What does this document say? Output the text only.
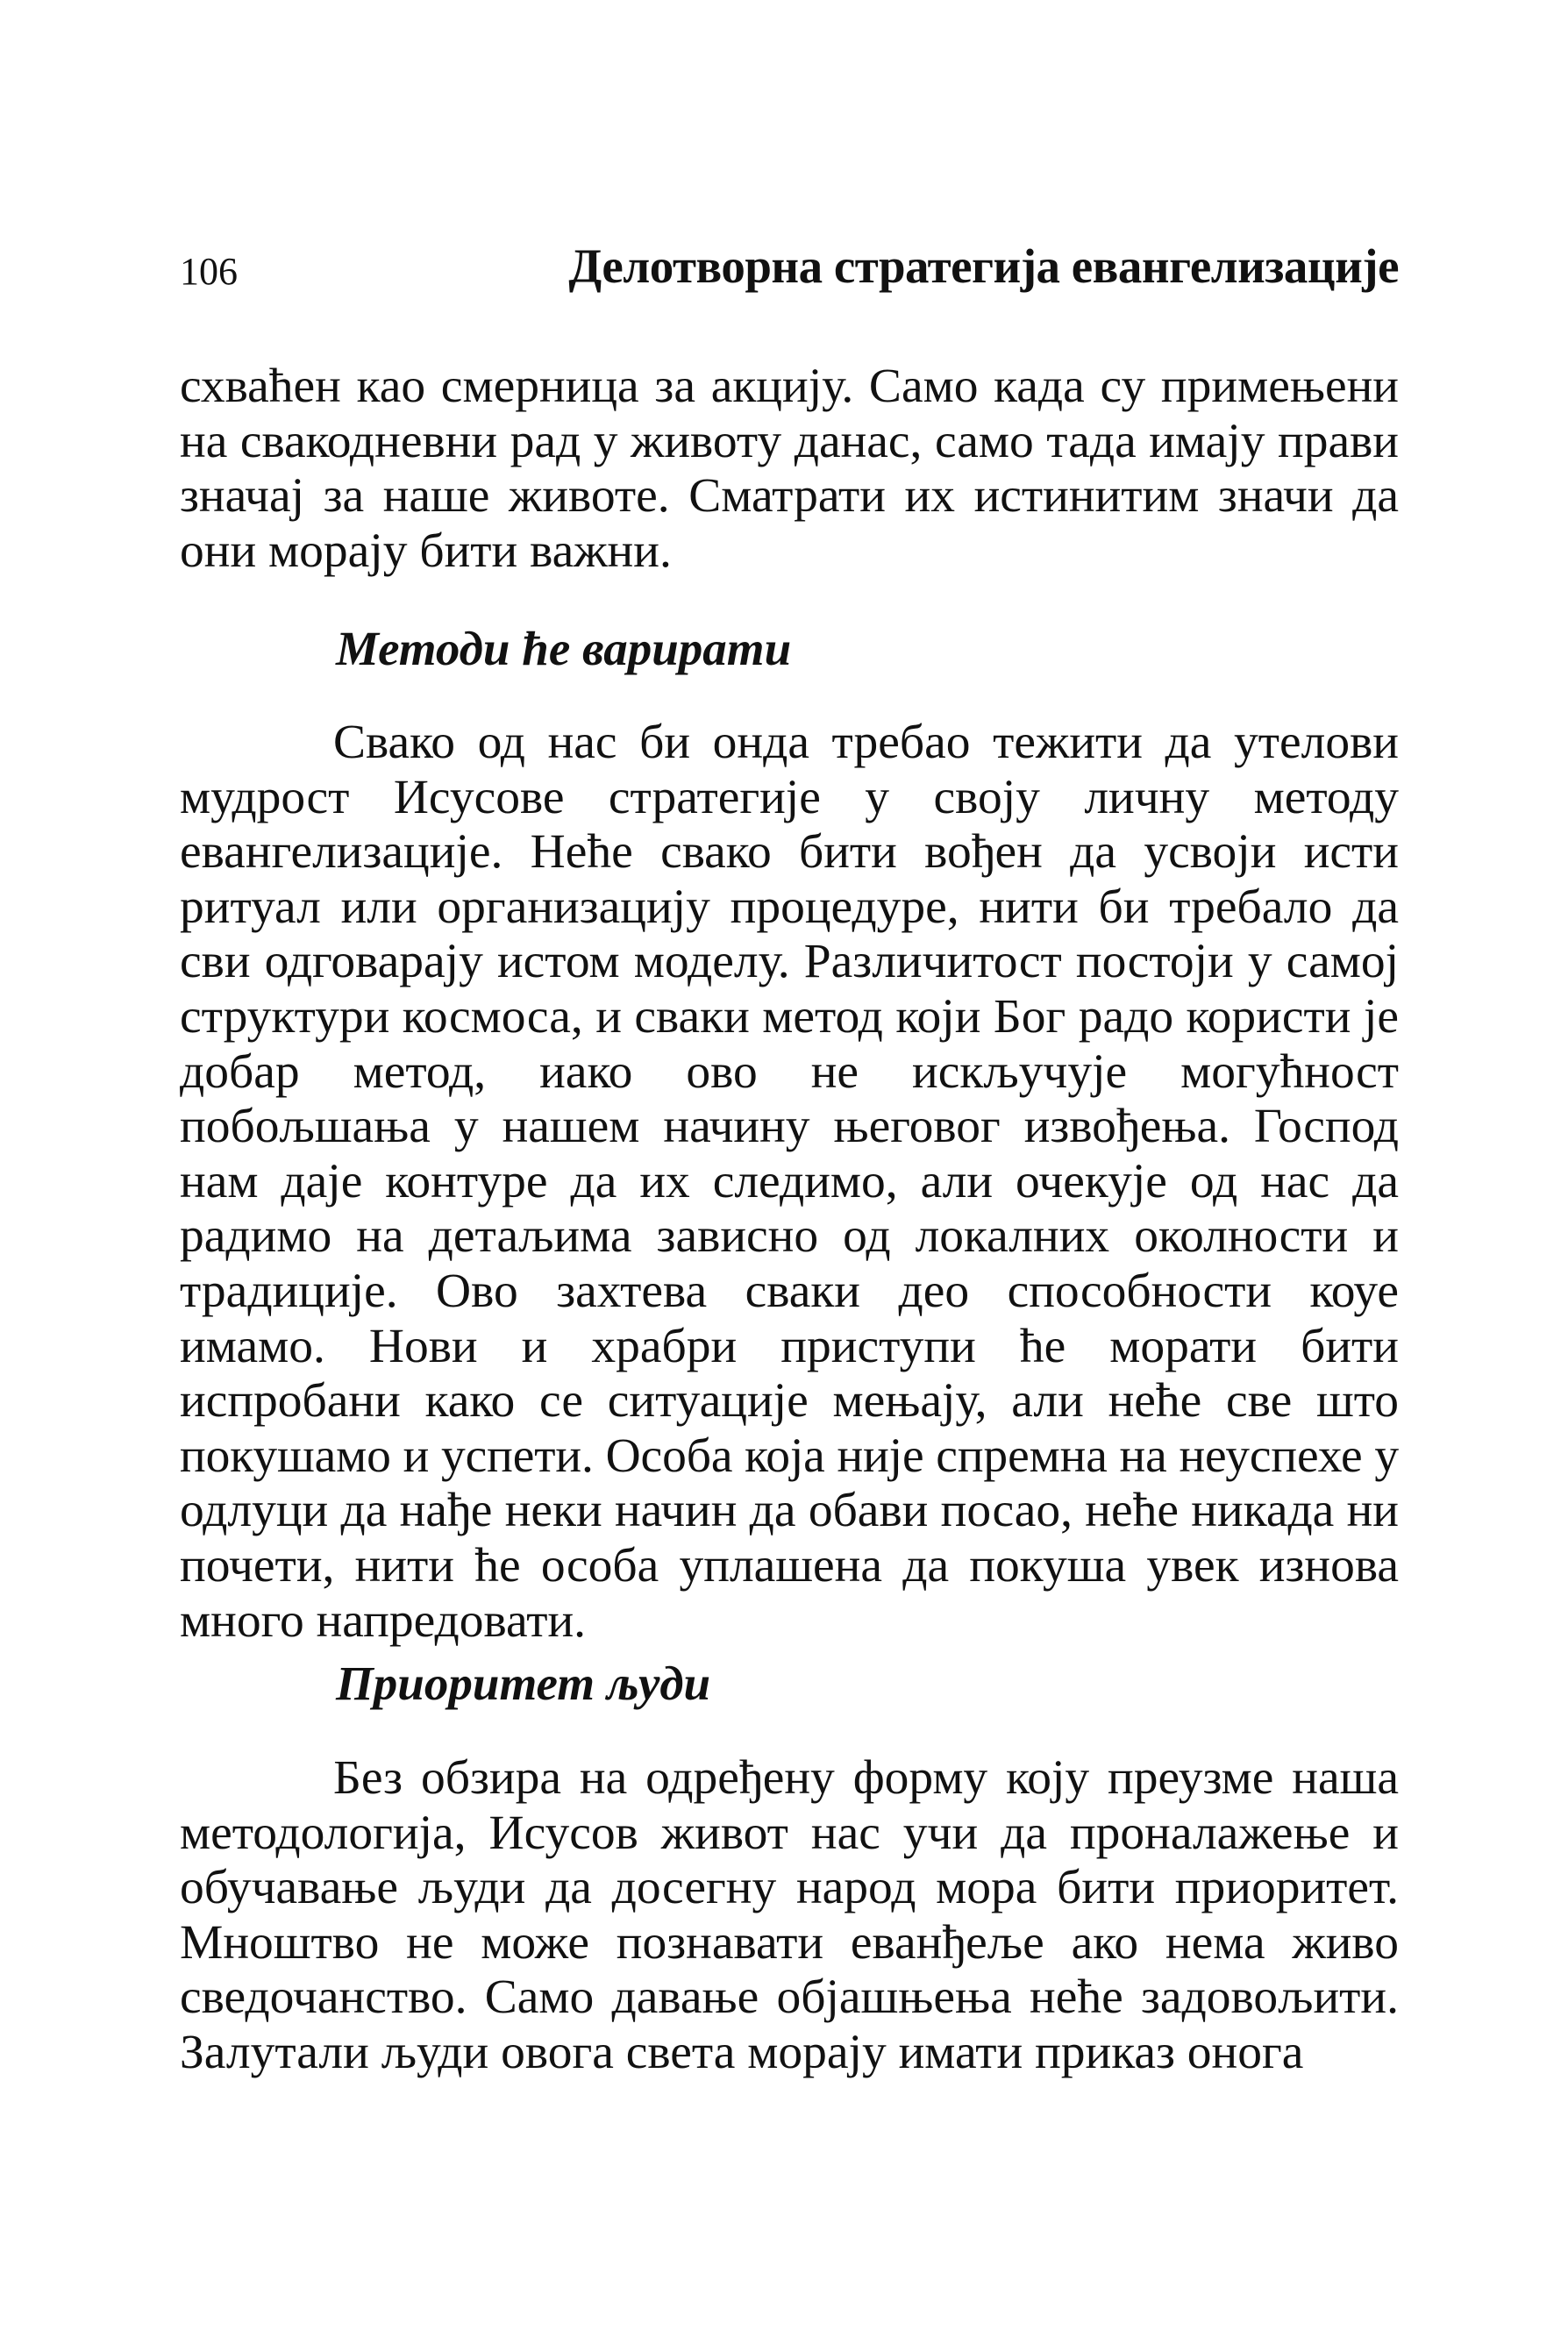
106	Делотворна стратегија евангелизације
схваћен као смерница за акцију. Само када су примењени
на свакодневни рад у животу данас, само тада имају прави
значај за наше животе. Сматрати их истинитим значи да
они морају бити важни.
Методи ће варирати
Свако од нас би онда требао тежити да утелови
мудрост Исусове стратегије у своју личну методу
евангелизације. Неће свако бити вођен да усвоји исти
ритуал или организацију процедуре, нити би требало да
сви одговарају истом моделу. Различитост постоји у самој
структури космоса, и сваки метод који Бог радо користи је
добар метод, иако ово не искључује могућност
побољшања у нашем начину његовог извођења. Господ
нам даје контуре да их следимо, али очекује од нас да
радимо на детаљима зависно од локалних околности и
традиције. Ово захтева сваки део способности коуе
имамо. Нови и храбри приступи ће морати бити
испробани како се ситуације мењају, али неће све што
покушамо и успети. Особа која није спремна на неуспехе у
одлуци да нађе неки начин да обави посао, неће никада ни
почети, нити ће особа уплашена да покуша увек изнова
много напредовати.
Приоритет људи
Без обзира на одређену форму коју преузме наша
методологија, Исусов живот нас учи да проналажење и
обучавање људи да досегну народ мора бити приоритет.
Мноштво не може познавати еванђеље ако нема живо
сведочанство. Само давање објашњења неће задовољити.
Залутали људи овога света морају имати приказ онога
